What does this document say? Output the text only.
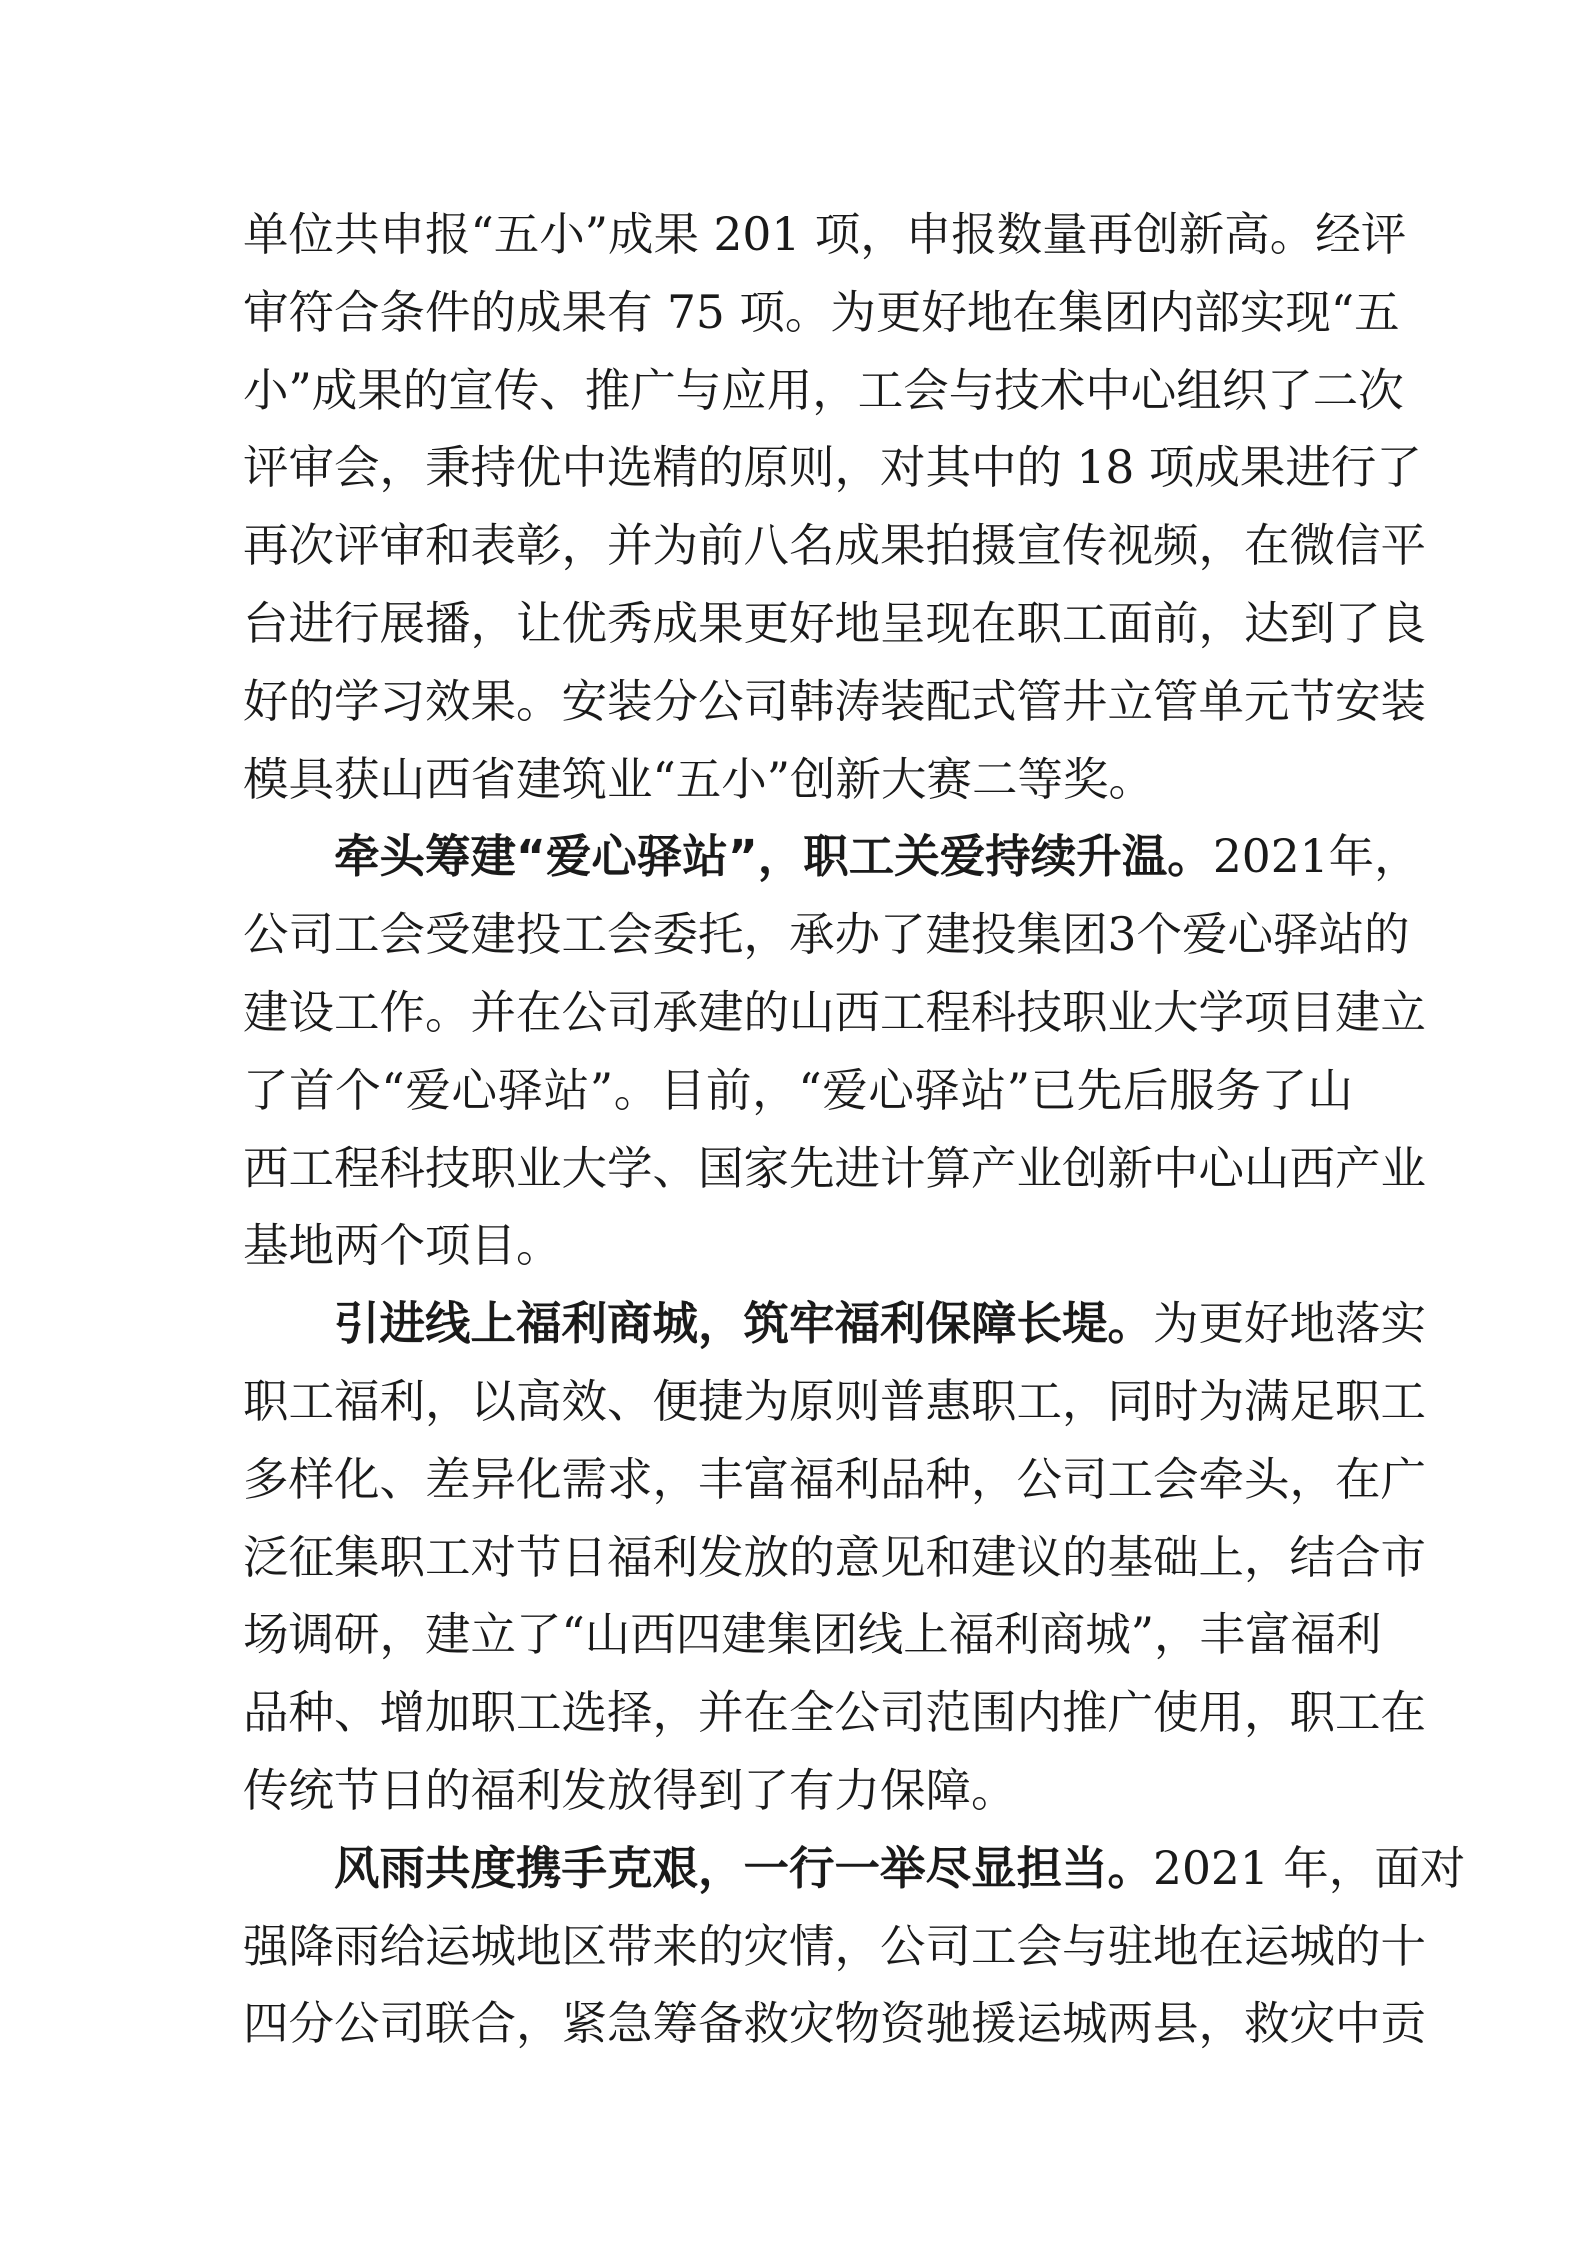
单位共申报“五小”成果 201 项，申报数量再创新高。经评
审符合条件的成果有 75 项。为更好地在集团内部实现“五
小”成果的宣传、推广与应用，工会与技术中心组织了二次
评审会，秉持优中选精的原则，对其中的 18 项成果进行了
再次评审和表彰，并为前八名成果拍摄宣传视频，在微信平
台进行展播，让优秀成果更好地呈现在职工面前，达到了良
好的学习效果。安装分公司韩涛装配式管井立管单元节安装
模具获山西省建筑业“五小”创新大赛二等奖。
牵头筹建“爱心驿站”，职工关爱持续升温。2021年，
公司工会受建投工会委托，承办了建投集团3个爱心驿站的
建设工作。并在公司承建的山西工程科技职业大学项目建立
了首个“爱心驿站”。目前，“爱心驿站”已先后服务了山
西工程科技职业大学、国家先进计算产业创新中心山西产业
基地两个项目。
引进线上福利商城，筑牢福利保障长堤。为更好地落实
职工福利，以高效、便捷为原则普惠职工，同时为满足职工
多样化、差异化需求，丰富福利品种，公司工会牵头，在广
泛征集职工对节日福利发放的意见和建议的基础上，结合市
场调研，建立了“山西四建集团线上福利商城”，丰富福利
品种、增加职工选择，并在全公司范围内推广使用，职工在
传统节日的福利发放得到了有力保障。
风雨共度携手克艰，一行一举尽显担当。2021 年，面对
强降雨给运城地区带来的灾情，公司工会与驻地在运城的十
四分公司联合，紧急筹备救灾物资驰援运城两县，救灾中贡
